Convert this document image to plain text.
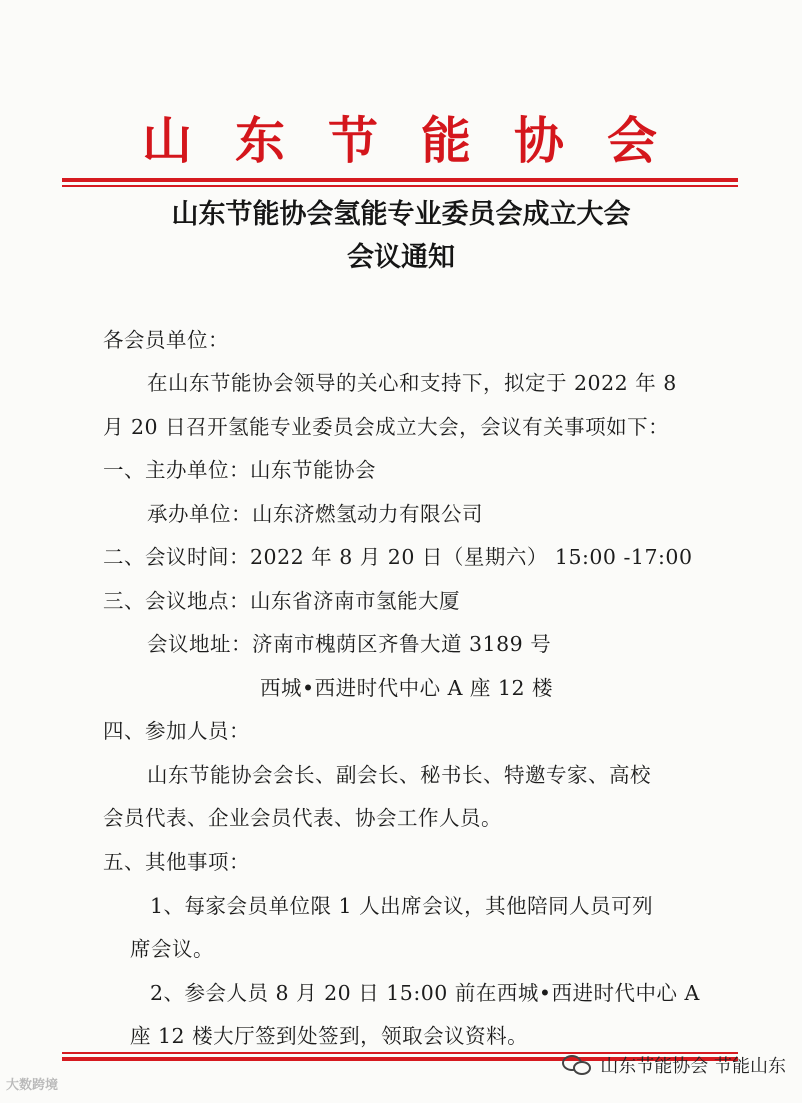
山东节能协会
山东节能协会氢能专业委员会成立大会
会议通知
各会员单位：
在山东节能协会领导的关心和支持下，拟定于 2022 年 8
月 20 日召开氢能专业委员会成立大会，会议有关事项如下：
一、主办单位：山东节能协会
承办单位：山东济燃氢动力有限公司
二、会议时间：2022 年 8 月 20 日（星期六） 15:00 -17:00
三、会议地点：山东省济南市氢能大厦
会议地址：济南市槐荫区齐鲁大道 3189 号
西城•西进时代中心 A 座 12 楼
四、参加人员：
山东节能协会会长、副会长、秘书长、特邀专家、高校
会员代表、企业会员代表、协会工作人员。
五、其他事项：
1、每家会员单位限 1 人出席会议，其他陪同人员可列
席会议。
2、参会人员 8 月 20 日 15:00 前在西城•西进时代中心 A
座 12 楼大厅签到处签到，领取会议资料。
山东节能协会 节能山东
大数跨境
